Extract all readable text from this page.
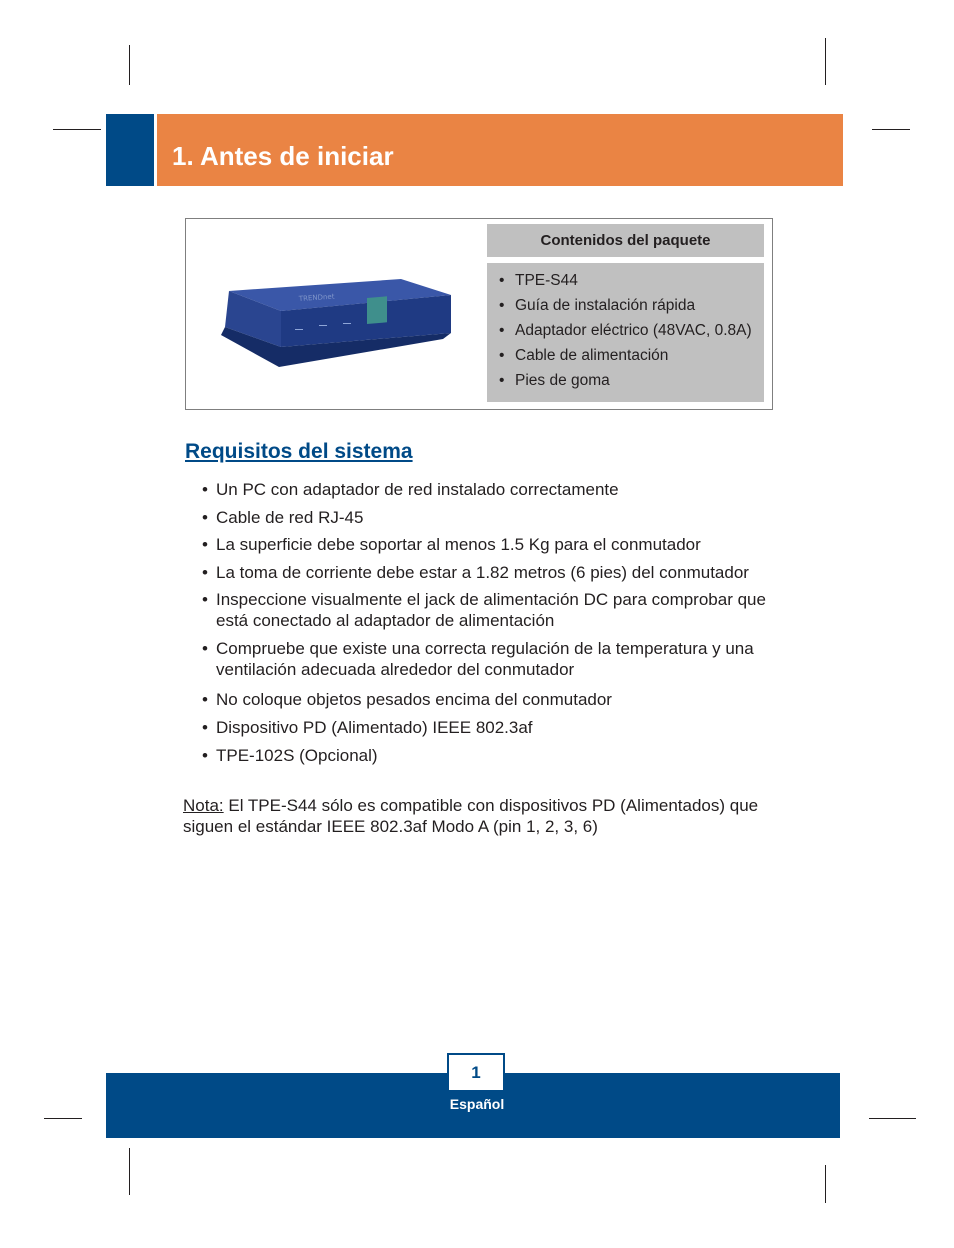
1. Antes de iniciar
TRENDnet
Contenidos del paquete
• TPE-S44
• Guía de instalación rápida
• Adaptador eléctrico (48VAC, 0.8A)
• Cable de alimentación
• Pies de goma
Requisitos del sistema
• Un PC con adaptador de red instalado correctamente
• Cable de red RJ-45
• La superficie debe soportar al menos 1.5 Kg para el conmutador
• La toma de corriente debe estar a 1.82 metros (6 pies) del conmutador
• Inspeccione visualmente el jack de alimentación DC para comprobar que está conectado al adaptador de alimentación
• Compruebe que existe una correcta regulación de la temperatura y una ventilación adecuada alrededor del conmutador
• No coloque objetos pesados encima del conmutador
• Dispositivo PD (Alimentado) IEEE 802.3af
• TPE-102S (Opcional)

Nota: El TPE-S44 sólo es compatible con dispositivos PD (Alimentados) que siguen el estándar IEEE 802.3af Modo A (pin 1, 2, 3, 6)

1
Español
